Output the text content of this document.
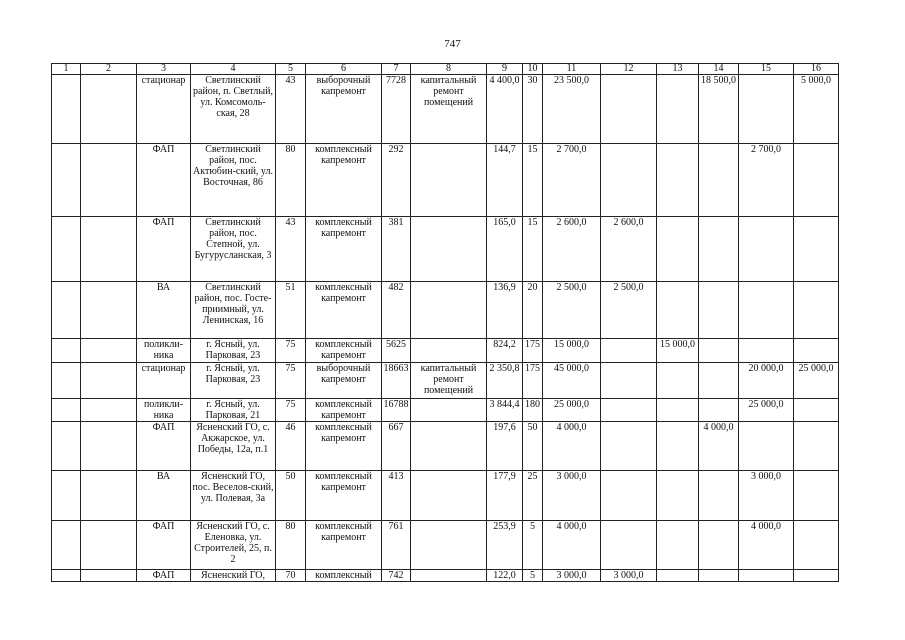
747
1	2	3	4	5	6	7	8	9	10	11	12	13	14	15	16
		стационар	Светлинский район, п. Светлый, ул. Комсомоль-ская, 28	43	выборочный капремонт	7728	капитальный ремонт помещений	4 400,0	30	23 500,0			18 500,0		5 000,0
		ФАП	Светлинский район, пос. Актюбин-ский, ул. Восточная, 86	80	комплексный капремонт	292		144,7	15	2 700,0				2 700,0	
		ФАП	Светлинский район, пос. Степной, ул. Бугурусланская, 3	43	комплексный капремонт	381		165,0	15	2 600,0	2 600,0				
		ВА	Светлинский район, пос. Госте-приимный, ул. Ленинская, 16	51	комплексный капремонт	482		136,9	20	2 500,0	2 500,0				
		поликли-ника	г. Ясный, ул. Парковая, 23	75	комплексный капремонт	5625		824,2	175	15 000,0		15 000,0			
		стационар	г. Ясный, ул. Парковая, 23	75	выборочный капремонт	18663	капитальный ремонт помещений	2 350,8	175	45 000,0				20 000,0	25 000,0
		поликли-ника	г. Ясный, ул. Парковая, 21	75	комплексный капремонт	16788		3 844,4	180	25 000,0				25 000,0	
		ФАП	Ясненский ГО, с. Акжарское, ул. Победы, 12а, п.1	46	комплексный капремонт	667		197,6	50	4 000,0			4 000,0		
		ВА	Ясненский ГО, пос. Веселов-ский, ул. Полевая, 3а	50	комплексный капремонт	413		177,9	25	3 000,0				3 000,0	
		ФАП	Ясненский ГО, с. Еленовка, ул. Строителей, 25, п. 2	80	комплексный капремонт	761		253,9	5	4 000,0				4 000,0	
		ФАП	Ясненский ГО,	70	комплексный	742		122,0	5	3 000,0	3 000,0				
